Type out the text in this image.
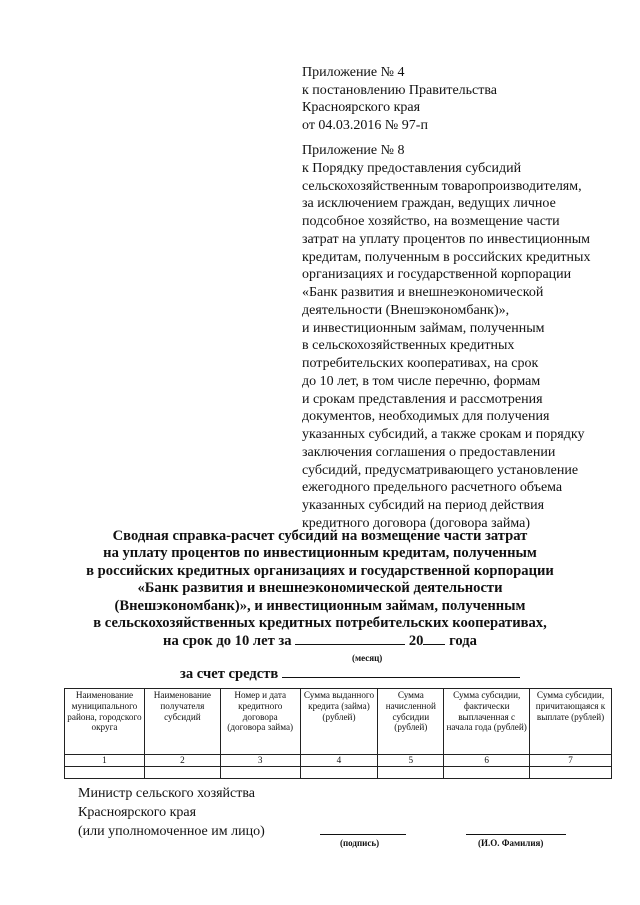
Приложение № 4
к постановлению Правительства
Красноярского края
от 04.03.2016 № 97-п
Приложение № 8
к Порядку предоставления субсидий
сельскохозяйственным товаропроизводителям,
за исключением граждан, ведущих личное
подсобное хозяйство, на возмещение части
затрат на уплату процентов по инвестиционным
кредитам, полученным в российских кредитных
организациях и государственной корпорации
«Банк развития и внешнеэкономической
деятельности (Внешэкономбанк)»,
и инвестиционным займам, полученным
в сельскохозяйственных кредитных
потребительских кооперативах, на срок
до 10 лет, в том числе перечню, формам
и срокам представления и рассмотрения
документов, необходимых для получения
указанных субсидий, а также срокам и порядку
заключения соглашения о предоставлении
субсидий, предусматривающего установление
ежегодного предельного расчетного объема
указанных субсидий на период действия
кредитного договора (договора займа)
Сводная справка-расчет субсидий на возмещение части затрат
на уплату процентов по инвестиционным кредитам, полученным
в российских кредитных организациях и государственной корпорации
«Банк развития и внешнеэкономической деятельности
(Внешэкономбанк)», и инвестиционным займам, полученным
в сельскохозяйственных кредитных потребительских кооперативах,
на срок до 10 лет за	20 года
(месяц)
за счет средств
Наименование муниципального района, городского округа	Наименование получателя субсидий	Номер и дата кредитного договора (договора займа)	Сумма выданного кредита (займа) (рублей)	Сумма начисленной субсидии (рублей)	Сумма субсидии, фактически выплаченная с начала года (рублей)	Сумма субсидии, причитающаяся к выплате (рублей)
1	2	3	4	5	6	7

Министр сельского хозяйства
Красноярского края
(или уполномоченное им лицо)
(подпись)	(И.О. Фамилия)
